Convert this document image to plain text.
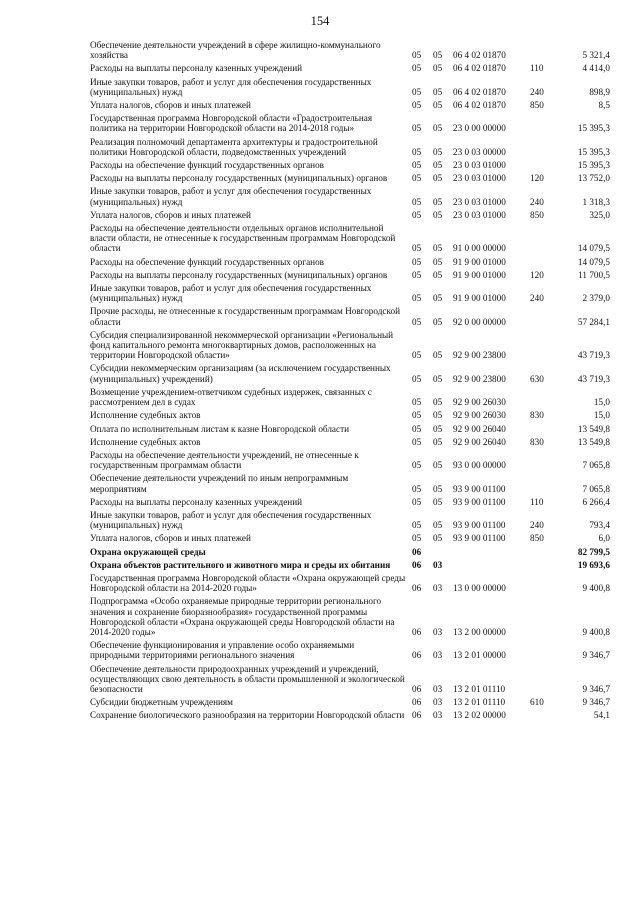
154
Обеспечение деятельности учреждений в сфере жилищно-коммунального хозяйства	05 05 06 4 02 01870	5 321,4
Расходы на выплаты персоналу казенных учреждений	05 05 06 4 02 01870	110	4 414,0
Иные закупки товаров, работ и услуг для обеспечения государственных (муниципальных) нужд	05 05 06 4 02 01870	240	898,9
Уплата налогов, сборов и иных платежей	05 05 06 4 02 01870	850	8,5
Государственная программа Новгородской области «Градостроительная политика на территории Новгородской области на 2014-2018 годы»	05 05 23 0 00 00000	15 395,3
Реализация полномочий департамента архитектуры и градостроительной политики Новгородской области, подведомственных учреждений	05 05 23 0 03 00000	15 395,3
Расходы на обеспечение функций государственных органов	05 05 23 0 03 01000	15 395,3
Расходы на выплаты персоналу государственных (муниципальных) органов	05 05 23 0 03 01000	120	13 752,0
Иные закупки товаров, работ и услуг для обеспечения государственных (муниципальных) нужд	05 05 23 0 03 01000	240	1 318,3
Уплата налогов, сборов и иных платежей	05 05 23 0 03 01000	850	325,0
Расходы на обеспечение деятельности отдельных органов исполнительной власти области, не отнесенные к государственным программам Новгородской области	05 05 91 0 00 00000	14 079,5
Расходы на обеспечение функций государственных органов	05 05 91 9 00 01000	14 079,5
Расходы на выплаты персоналу государственных (муниципальных) органов	05 05 91 9 00 01000	120	11 700,5
Иные закупки товаров, работ и услуг для обеспечения государственных (муниципальных) нужд	05 05 91 9 00 01000	240	2 379,0
Прочие расходы, не отнесенные к государственным программам Новгородской области	05 05 92 0 00 00000	57 284,1
Субсидия специализированной некоммерческой организации «Региональный фонд капитального ремонта многоквартирных домов, расположенных на территории Новгородской области»	05 05 92 9 00 23800	43 719,3
Субсидии некоммерческим организациям (за исключением государственных (муниципальных) учреждений)	05 05 92 9 00 23800	630	43 719,3
Возмещение учреждением-ответчиком судебных издержек, связанных с рассмотрением дел в судах	05 05 92 9 00 26030	15,0
Исполнение судебных актов	05 05 92 9 00 26030	830	15,0
Оплата по исполнительным листам к казне Новгородской области	05 05 92 9 00 26040	13 549,8
Исполнение судебных актов	05 05 92 9 00 26040	830	13 549,8
Расходы на обеспечение деятельности учреждений, не отнесенные к государственным программам области	05 05 93 0 00 00000	7 065,8
Обеспечение деятельности учреждений по иным непрограммным мероприятиям	05 05 93 9 00 01100	7 065,8
Расходы на выплаты персоналу казенных учреждений	05 05 93 9 00 01100	110	6 266,4
Иные закупки товаров, работ и услуг для обеспечения государственных (муниципальных) нужд	05 05 93 9 00 01100	240	793,4
Уплата налогов, сборов и иных платежей	05 05 93 9 00 01100	850	6,0
Охрана окружающей среды	06	82 799,5
Охрана объектов растительного и животного мира и среды их обитания	06 03	19 693,6
Государственная программа Новгородской области «Охрана окружающей среды Новгородской области на 2014-2020 годы»	06 03 13 0 00 00000	9 400,8
Подпрограмма «Особо охраняемые природные территории регионального значения и сохранение биоразнообразия» государственной программы Новгородской области «Охрана окружающей среды Новгородской области на 2014-2020 годы»	06 03 13 2 00 00000	9 400,8
Обеспечение функционирования и управление особо охраняемыми природными территориями регионального значения	06 03 13 2 01 00000	9 346,7
Обеспечение деятельности природоохранных учреждений и учреждений, осуществляющих свою деятельность в области промышленной и экологической безопасности	06 03 13 2 01 01110	9 346,7
Субсидии бюджетным учреждениям	06 03 13 2 01 01110	610	9 346,7
Сохранение биологического разнообразия на территории Новгородской области 06 03 13 2 02 00000	54,1
